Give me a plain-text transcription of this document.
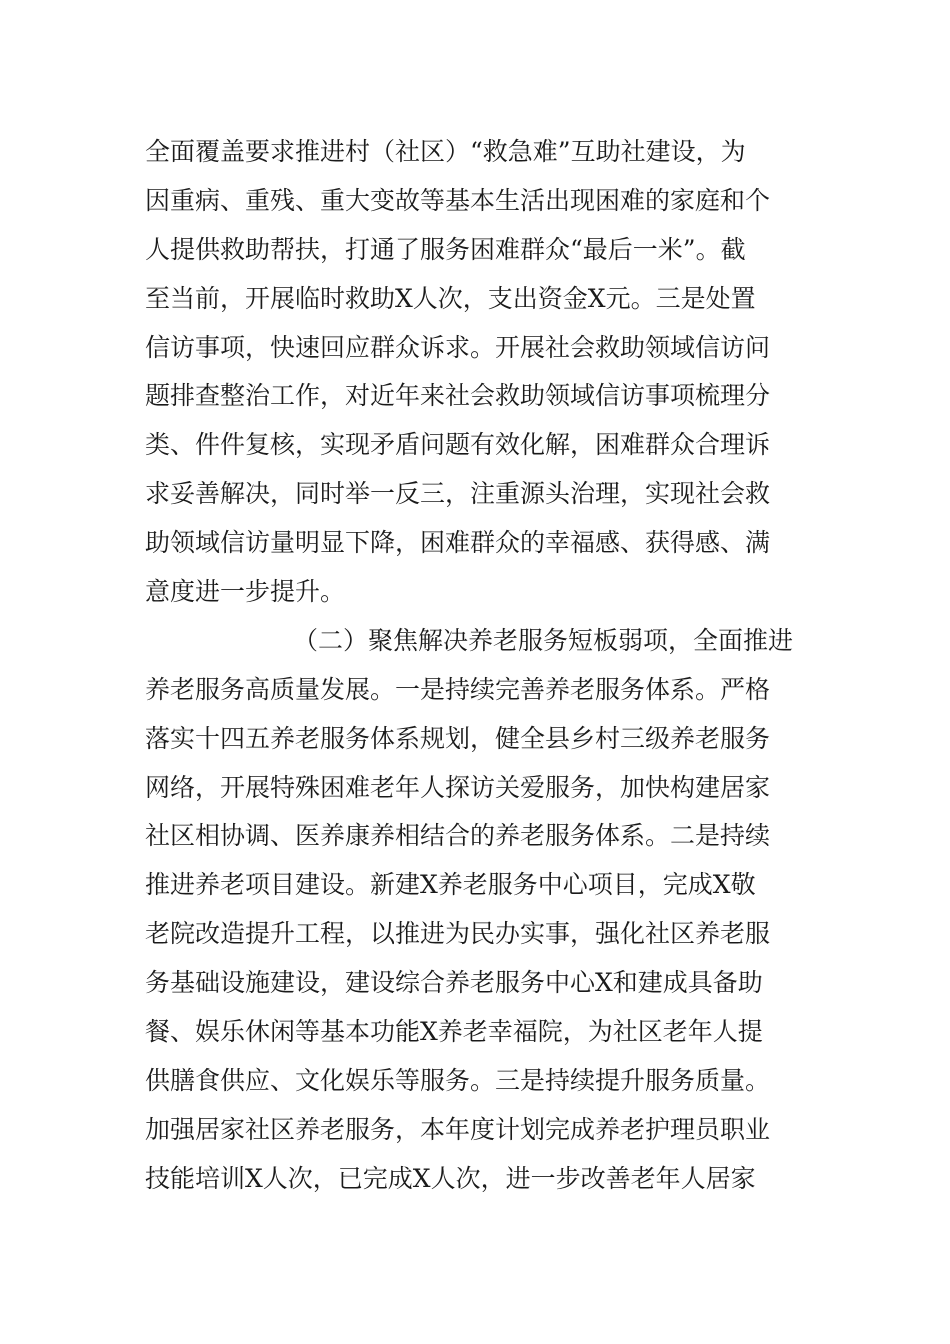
全面覆盖要求推进村（社区）“救急难”互助社建设，为
因重病、重残、重大变故等基本生活出现困难的家庭和个
人提供救助帮扶，打通了服务困难群众“最后一米”。截
至当前，开展临时救助X人次，支出资金X元。三是处置
信访事项，快速回应群众诉求。开展社会救助领域信访问
题排查整治工作，对近年来社会救助领域信访事项梳理分
类、件件复核，实现矛盾问题有效化解，困难群众合理诉
求妥善解决，同时举一反三，注重源头治理，实现社会救
助领域信访量明显下降，困难群众的幸福感、获得感、满
意度进一步提升。
（二）聚焦解决养老服务短板弱项，全面推进
养老服务高质量发展。一是持续完善养老服务体系。严格
落实十四五养老服务体系规划，健全县乡村三级养老服务
网络，开展特殊困难老年人探访关爱服务，加快构建居家
社区相协调、医养康养相结合的养老服务体系。二是持续
推进养老项目建设。新建X养老服务中心项目，完成X敬
老院改造提升工程，以推进为民办实事，强化社区养老服
务基础设施建设，建设综合养老服务中心X和建成具备助
餐、娱乐休闲等基本功能X养老幸福院，为社区老年人提
供膳食供应、文化娱乐等服务。三是持续提升服务质量。
加强居家社区养老服务，本年度计划完成养老护理员职业
技能培训X人次，已完成X人次，进一步改善老年人居家
